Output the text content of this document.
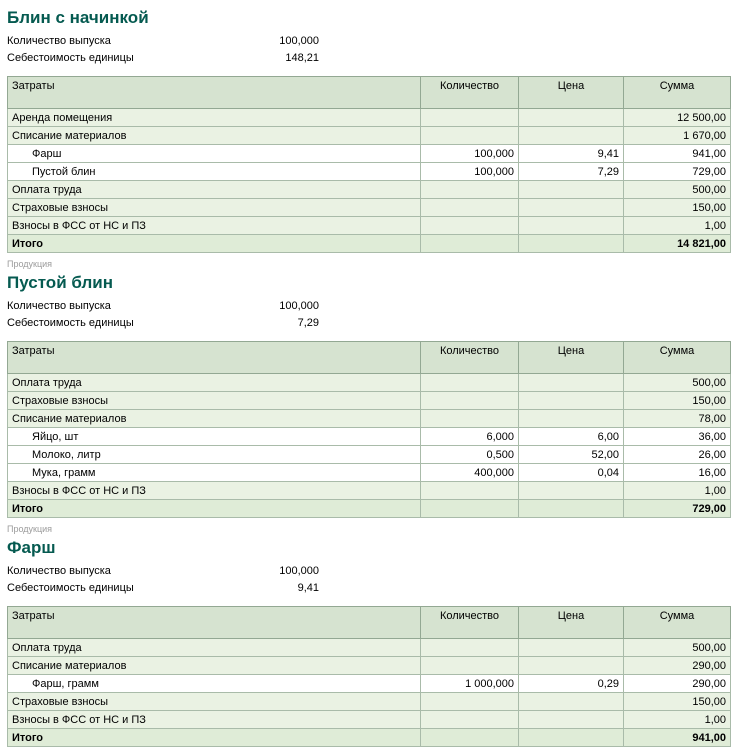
Блин с начинкой
Количество выпуска	100,000
Себестоимость единицы	148,21
Затраты	Количество	Цена	Сумма
Аренда помещения			12 500,00
Списание материалов			1 670,00
Фарш	100,000	9,41	941,00
Пустой блин	100,000	7,29	729,00
Оплата труда			500,00
Страховые взносы			150,00
Взносы в ФСС от НС и ПЗ			1,00
Итого			14 821,00
Продукция
Пустой блин
Количество выпуска	100,000
Себестоимость единицы	7,29
Затраты	Количество	Цена	Сумма
Оплата труда			500,00
Страховые взносы			150,00
Списание материалов			78,00
Яйцо, шт	6,000	6,00	36,00
Молоко, литр	0,500	52,00	26,00
Мука, грамм	400,000	0,04	16,00
Взносы в ФСС от НС и ПЗ			1,00
Итого			729,00
Продукция
Фарш
Количество выпуска	100,000
Себестоимость единицы	9,41
Затраты	Количество	Цена	Сумма
Оплата труда			500,00
Списание материалов			290,00
Фарш, грамм	1 000,000	0,29	290,00
Страховые взносы			150,00
Взносы в ФСС от НС и ПЗ			1,00
Итого			941,00
